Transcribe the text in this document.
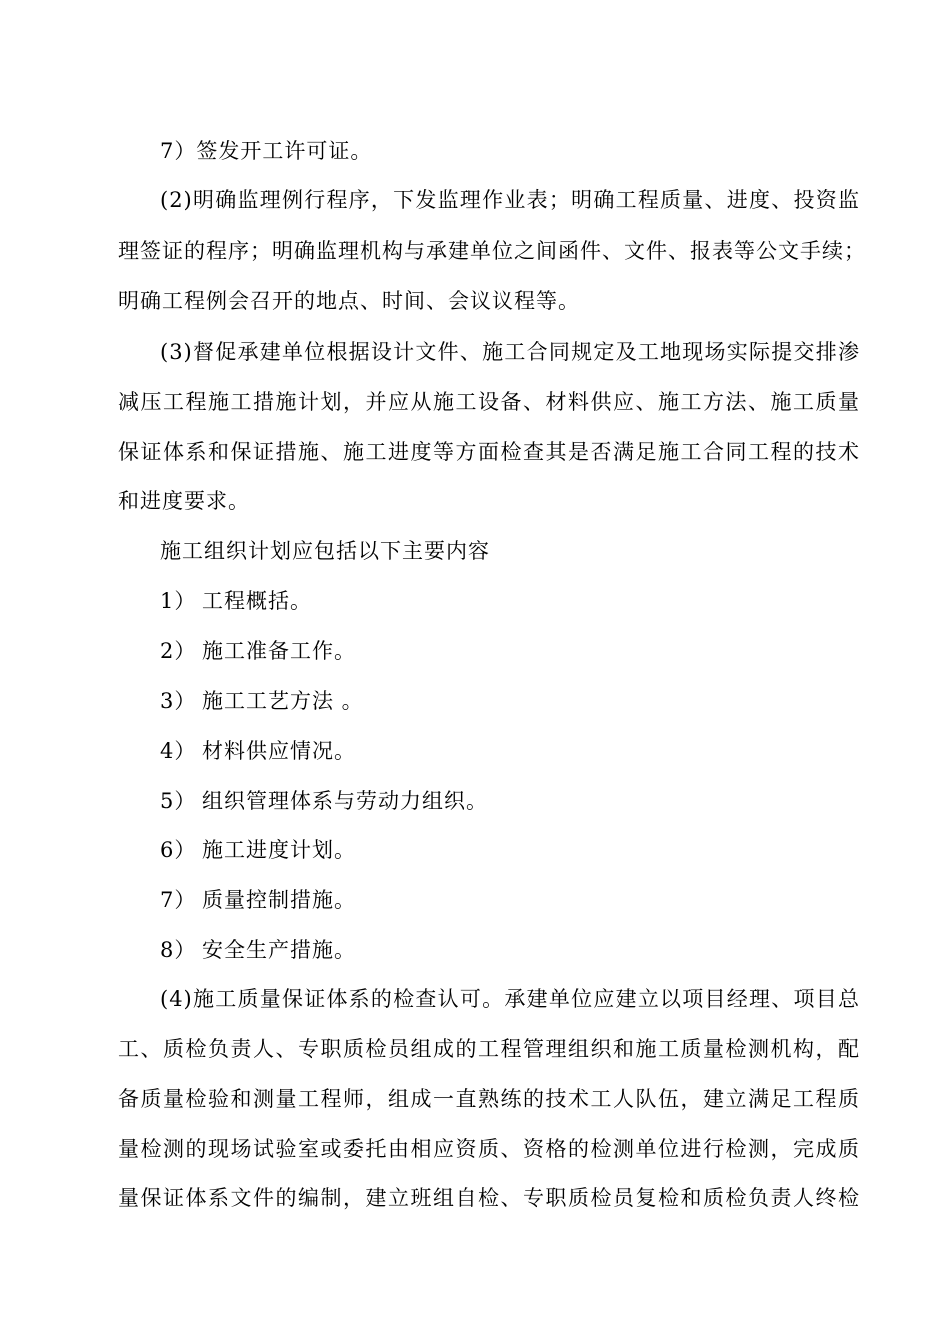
7）签发开工许可证。
(2)明确监理例行程序，下发监理作业表；明确工程质量、进度、投资监
理签证的程序；明确监理机构与承建单位之间函件、文件、报表等公文手续；
明确工程例会召开的地点、时间、会议议程等。
(3)督促承建单位根据设计文件、施工合同规定及工地现场实际提交排渗
减压工程施工措施计划，并应从施工设备、材料供应、施工方法、施工质量
保证体系和保证措施、施工进度等方面检查其是否满足施工合同工程的技术
和进度要求。
施工组织计划应包括以下主要内容
1） 工程概括。
2） 施工准备工作。
3） 施工工艺方法 。
4） 材料供应情况。
5） 组织管理体系与劳动力组织。
6） 施工进度计划。
7） 质量控制措施。
8） 安全生产措施。
(4)施工质量保证体系的检查认可。承建单位应建立以项目经理、项目总
工、质检负责人、专职质检员组成的工程管理组织和施工质量检测机构，配
备质量检验和测量工程师，组成一直熟练的技术工人队伍，建立满足工程质
量检测的现场试验室或委托由相应资质、资格的检测单位进行检测，完成质
量保证体系文件的编制，建立班组自检、专职质检员复检和质检负责人终检
